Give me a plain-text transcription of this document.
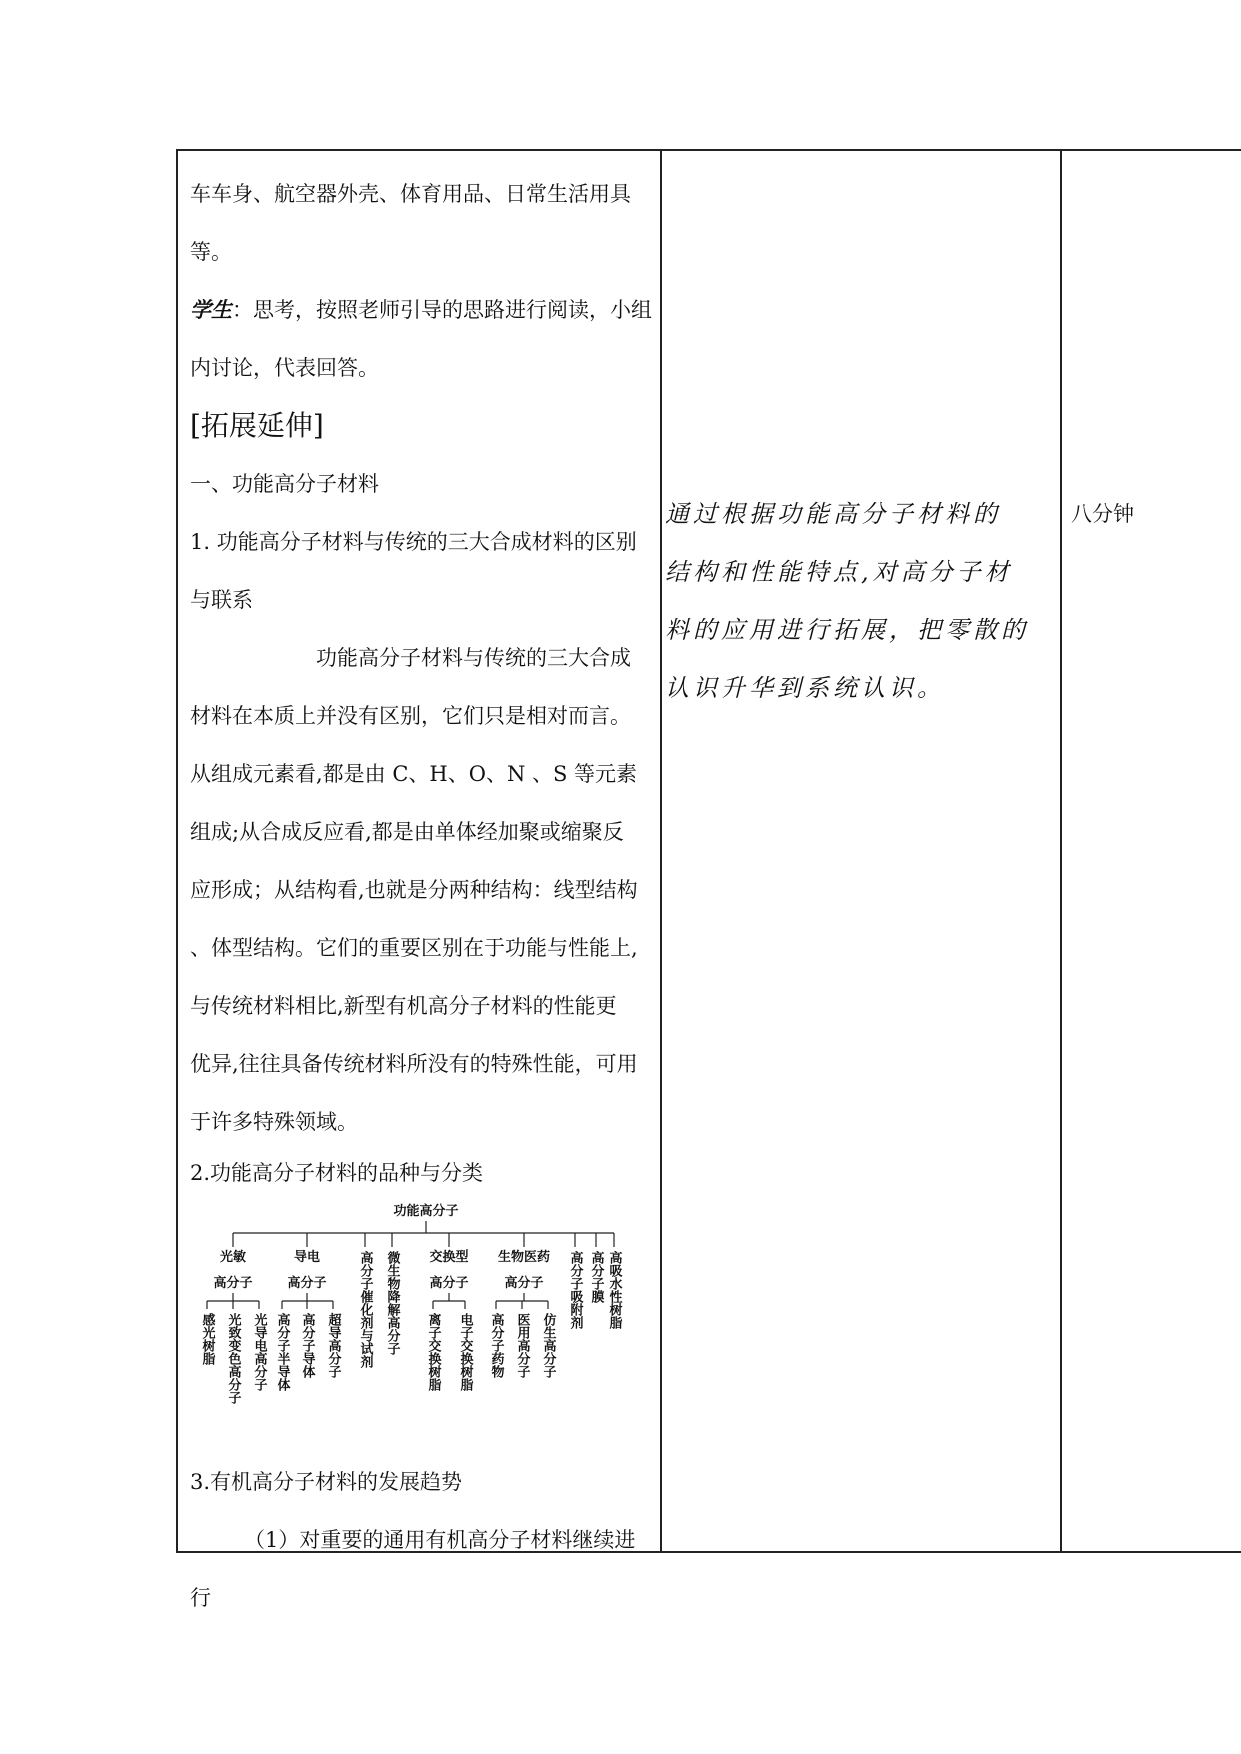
车车身、航空器外壳、体育用品、日常生活用具

等。

学生：思考，按照老师引导的思路进行阅读，小组

内讨论，代表回答。

[拓展延伸]

一、功能高分子材料

1. 功能高分子材料与传统的三大合成材料的区别

与联系

功能高分子材料与传统的三大合成

材料在本质上并没有区别，它们只是相对而言。

从组成元素看,都是由 C、H、O、N 、S 等元素

组成;从合成反应看,都是由单体经加聚或缩聚反

应形成；从结构看,也就是分两种结构：线型结构

、体型结构。它们的重要区别在于功能与性能上,

与传统材料相比,新型有机高分子材料的性能更

优异,往往具备传统材料所没有的特殊性能，可用

于许多特殊领域。

2.功能高分子材料的品种与分类

功能高分子
光敏
高分子
导电
高分子
交换型
高分子
生物医药
高分子
高分子催化剂与试剂 微生物降解高分子	高分子吸附剂 高分子膜 高吸水性树脂
感光树脂 光致变色高分子 光导电高分子 高分子半导体 高分子导体 超导高分子	离子交换树脂 电子交换树脂 高分子药物 医用高分子 仿生高分子

3.有机高分子材料的发展趋势

（1）对重要的通用有机高分子材料继续进行

通过根据功能高分子材料的
结构和性能特点,对高分子材
料的应用进行拓展，把零散的
认识升华到系统认识。
八分钟
